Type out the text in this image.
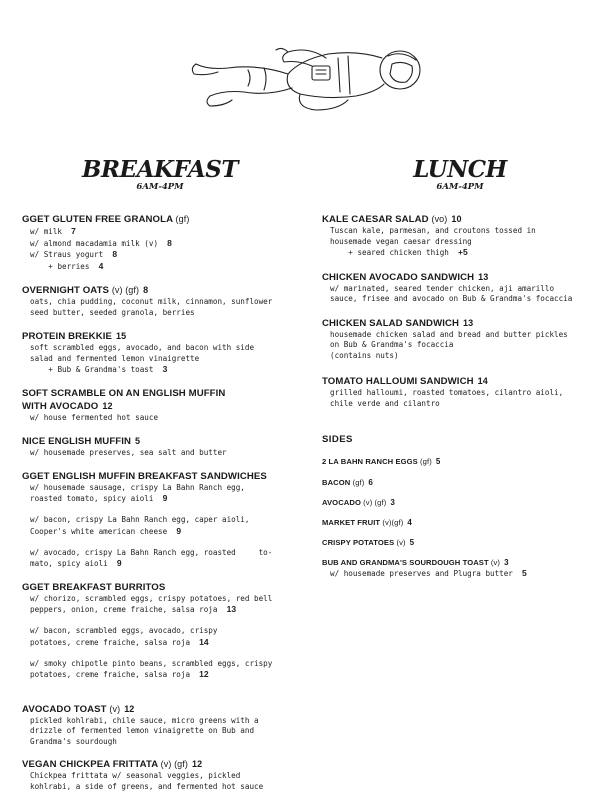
BREAKFAST
6AM-4PM
LUNCH
6AM-4PM
GGET GLUTEN FREE GRANOLA (gf)
w/ milk 7
w/ almond macadamia milk (v) 8
w/ Straus yogurt 8
+ berries 4
OVERNIGHT OATS (v) (gf) 8
oats, chia pudding, coconut milk, cinnamon, sunflower
seed butter, seeded granola, berries
PROTEIN BREKKIE 15
soft scrambled eggs, avocado, and bacon with side
salad and fermented lemon vinaigrette
+ Bub & Grandma's toast 3
SOFT SCRAMBLE ON AN ENGLISH MUFFIN
WITH AVOCADO 12
w/ house fermented hot sauce
NICE ENGLISH MUFFIN 5
w/ housemade preserves, sea salt and butter
GGET ENGLISH MUFFIN BREAKFAST SANDWICHES
w/ housemade sausage, crispy La Bahn Ranch egg,
roasted tomato, spicy aioli 9

w/ bacon, crispy La Bahn Ranch egg, caper aioli,
Cooper's white american cheese 9

w/ avocado, crispy La Bahn Ranch egg, roasted     to-
mato, spicy aioli 9
GGET BREAKFAST BURRITOS
w/ chorizo, scrambled eggs, crispy potatoes, red bell
peppers, onion, creme fraiche, salsa roja 13

w/ bacon, scrambled eggs, avocado, crispy
potatoes, creme fraiche, salsa roja 14

w/ smoky chipotle pinto beans, scrambled eggs, crispy
potatoes, creme fraiche, salsa roja 12
AVOCADO TOAST (v) 12
pickled kohlrabi, chile sauce, micro greens with a
drizzle of fermented lemon vinaigrette on Bub and
Grandma's sourdough
VEGAN CHICKPEA FRITTATA (v) (gf) 12
Chickpea frittata w/ seasonal veggies, pickled
kohlrabi, a side of greens, and fermented hot sauce
KALE CAESAR SALAD (vo) 10
Tuscan kale, parmesan, and croutons tossed in
housemade vegan caesar dressing
+ seared chicken thigh +5
CHICKEN AVOCADO SANDWICH 13
w/ marinated, seared tender chicken, aji amarillo
sauce, frisee and avocado on Bub & Grandma's focaccia
CHICKEN SALAD SANDWICH 13
housemade chicken salad and bread and butter pickles
on Bub & Grandma's focaccia
(contains nuts)
TOMATO HALLOUMI SANDWICH 14
grilled halloumi, roasted tomatoes, cilantro aioli,
chile verde and cilantro
SIDES
2 LA BAHN RANCH EGGS (gf) 5
BACON (gf) 6
AVOCADO (v) (gf) 3
MARKET FRUIT (v)(gf) 4
CRISPY POTATOES (v) 5
BUB AND GRANDMA'S SOURDOUGH TOAST (v) 3
w/ housemade preserves and Plugra butter 5
